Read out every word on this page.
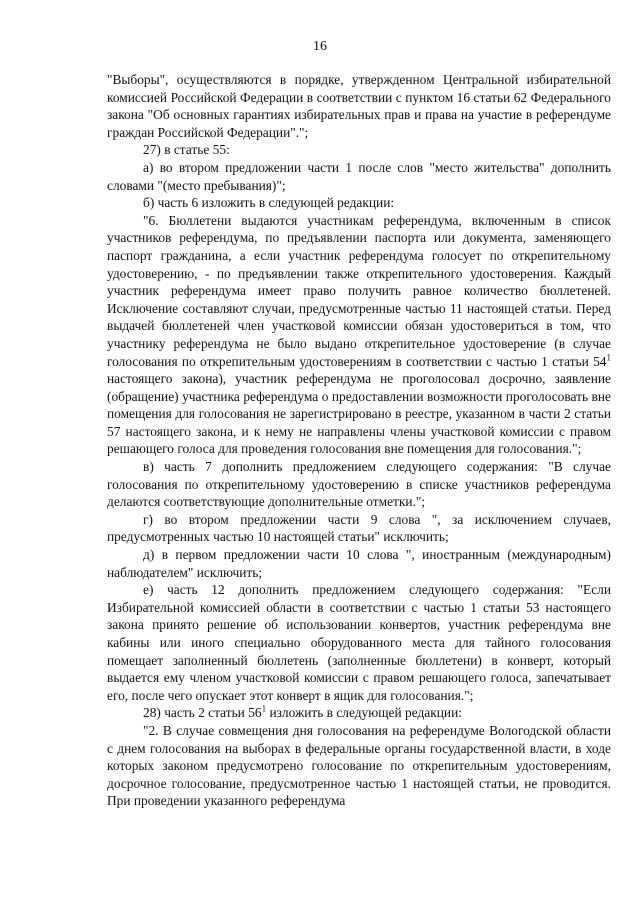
16

"Выборы", осуществляются в порядке, утвержденном Центральной избирательной комиссией Российской Федерации в соответствии с пунктом 16 статьи 62 Федерального закона "Об основных гарантиях избирательных прав и права на участие в референдуме граждан Российской Федерации".";

27) в статье 55:

а) во втором предложении части 1 после слов "место жительства" дополнить словами "(место пребывания)";

б) часть 6 изложить в следующей редакции:

"6. Бюллетени выдаются участникам референдума, включенным в список участников референдума, по предъявлении паспорта или документа, заменяющего паспорт гражданина, а если участник референдума голосует по открепительному удостоверению, - по предъявлении также открепительного удостоверения. Каждый участник референдума имеет право получить равное количество бюллетеней. Исключение составляют случаи, предусмотренные частью 11 настоящей статьи. Перед выдачей бюллетеней член участковой комиссии обязан удостовериться в том, что участнику референдума не было выдано открепительное удостоверение (в случае голосования по открепительным удостоверениям в соответствии с частью 1 статьи $54^1$ настоящего закона), участник референдума не проголосовал досрочно, заявление (обращение) участника референдума о предоставлении возможности проголосовать вне помещения для голосования не зарегистрировано в реестре, указанном в части 2 статьи 57 настоящего закона, и к нему не направлены члены участковой комиссии с правом решающего голоса для проведения голосования вне помещения для голосования.";

в) часть 7 дополнить предложением следующего содержания: "В случае голосования по открепительному удостоверению в списке участников референдума делаются соответствующие дополнительные отметки.";

г) во втором предложении части 9 слова ", за исключением случаев, предусмотренных частью 10 настоящей статьи" исключить;

д) в первом предложении части 10 слова ", иностранным (международным) наблюдателем" исключить;

е) часть 12 дополнить предложением следующего содержания: "Если Избирательной комиссией области в соответствии с частью 1 статьи 53 настоящего закона принято решение об использовании конвертов, участник референдума вне кабины или иного специально оборудованного места для тайного голосования помещает заполненный бюллетень (заполненные бюллетени) в конверт, который выдается ему членом участковой комиссии с правом решающего голоса, запечатывает его, после чего опускает этот конверт в ящик для голосования.";

28) часть 2 статьи $56^1$ изложить в следующей редакции:

"2. В случае совмещения дня голосования на референдуме Вологодской области с днем голосования на выборах в федеральные органы государственной власти, в ходе которых законом предусмотрено голосование по открепительным удостоверениям, досрочное голосование, предусмотренное частью 1 настоящей статьи, не проводится. При проведении указанного референдума
